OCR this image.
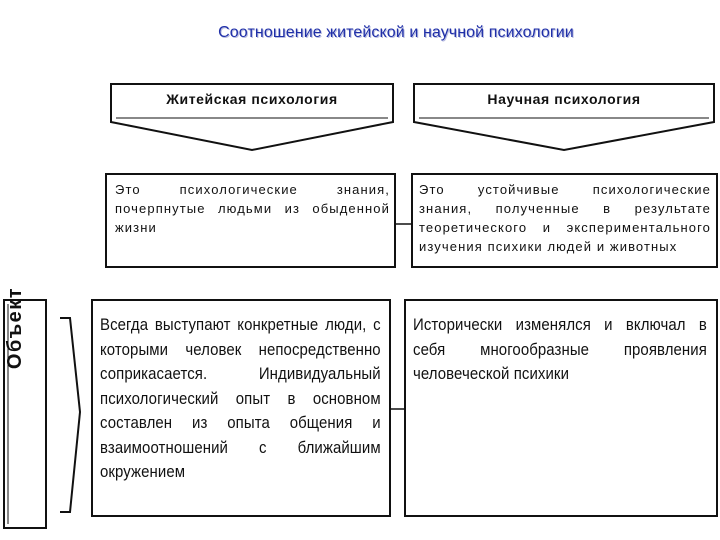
Соотношение житейской и научной психологии
Житейская психология	Научная психология
Это психологические знания, почерпнутые людьми из обыденной жизни
Это устойчивые психологические знания, полученные в результате теоретического и экспериментального изучения психики людей и животных
Объект	Всегда выступают конкретные люди, с которыми человек непосредственно соприкасается. Индивидуальный психологический опыт в основном составлен из опыта общения и взаимоотношений с ближайшим окружением
Исторически изменялся и включал в себя многообразные проявления человеческой психики
